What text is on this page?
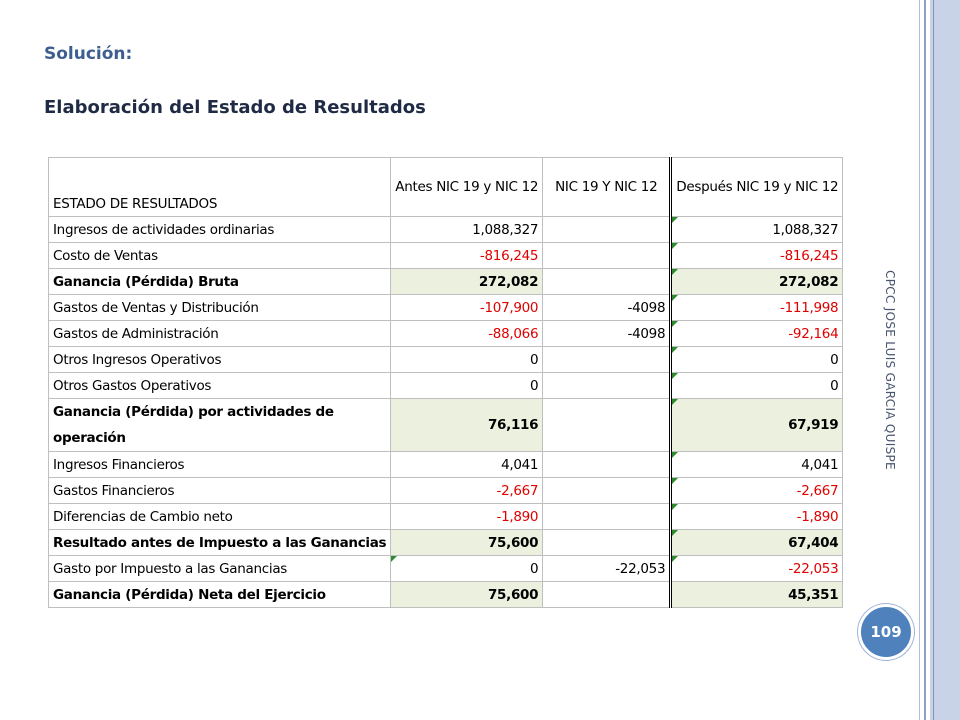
Solución:
Elaboración del Estado de Resultados
CPCC JOSE LUIS GARCIA QUISPE
109
ESTADO DE RESULTADOS	Antes NIC 19 y NIC 12	NIC 19 Y NIC 12	Después NIC 19 y NIC 12
Ingresos de actividades ordinarias	1,088,327		1,088,327
Costo de Ventas	-816,245		-816,245
Ganancia (Pérdida) Bruta	272,082		272,082
Gastos de Ventas y Distribución	-107,900	-4098	-111,998
Gastos de Administración	-88,066	-4098	-92,164
Otros Ingresos Operativos	0		0
Otros Gastos Operativos	0		0
Ganancia (Pérdida) por actividades de operación	76,116		67,919
Ingresos Financieros	4,041		4,041
Gastos Financieros	-2,667		-2,667
Diferencias de Cambio neto	-1,890		-1,890
Resultado antes de Impuesto a las Ganancias	75,600		67,404
Gasto por Impuesto a las Ganancias	0	-22,053	-22,053
Ganancia (Pérdida) Neta del Ejercicio	75,600		45,351
